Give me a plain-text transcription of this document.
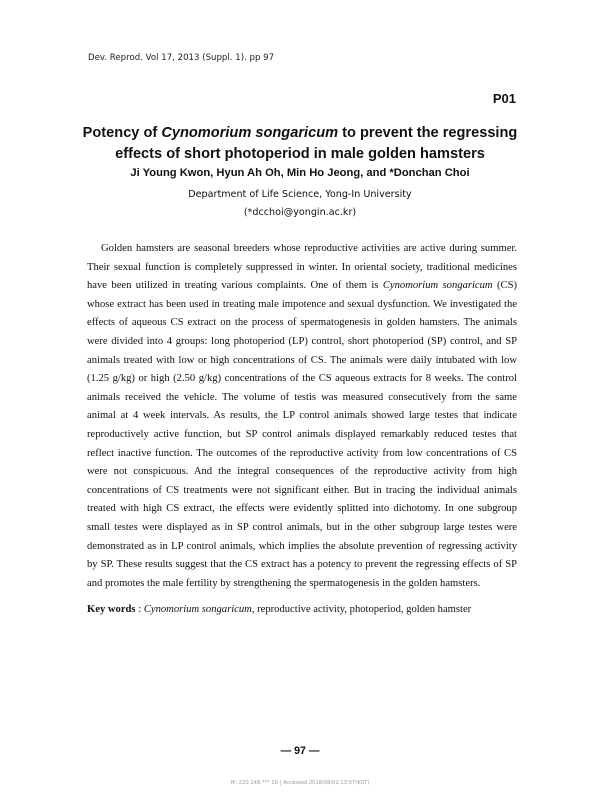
Dev. Reprod. Vol 17, 2013 (Suppl. 1). pp 97
P01
Potency of Cynomorium songaricum to prevent the regressing effects of short photoperiod in male golden hamsters
Ji Young Kwon, Hyun Ah Oh, Min Ho Jeong, and *Donchan Choi
Department of Life Science, Yong-In University
(*dcchoi@yongin.ac.kr)

Golden hamsters are seasonal breeders whose reproductive activities are active during summer. Their sexual function is completely suppressed in winter. In oriental society, traditional medicines have been utilized in treating various complaints. One of them is Cynomorium songaricum (CS) whose extract has been used in treating male impotence and sexual dysfunction. We investigated the effects of aqueous CS extract on the process of spermatogenesis in golden hamsters. The animals were divided into 4 groups: long photoperiod (LP) control, short photoperiod (SP) control, and SP animals treated with low or high concentrations of CS. The animals were daily intubated with low (1.25 g/kg) or high (2.50 g/kg) concentrations of the CS aqueous extracts for 8 weeks. The control animals received the vehicle. The volume of testis was measured consecutively from the same animal at 4 week intervals. As results, the LP control animals showed large testes that indicate reproductively active function, but SP control animals displayed remarkably reduced testes that reflect inactive function. The outcomes of the reproductive activity from low concentrations of CS were not conspicuous. And the integral consequences of the reproductive activity from high concentrations of CS treatments were not significant either. But in tracing the individual animals treated with high CS extract, the effects were evidently splitted into dichotomy. In one subgroup small testes were displayed as in SP control animals, but in the other subgroup large testes were demonstrated as in LP control animals, which implies the absolute prevention of regressing activity by SP. These results suggest that the CS extract has a potency to prevent the regressing effects of SP and promotes the male fertility by strengthening the spermatogenesis in the golden hamsters.

Key words : Cynomorium songaricum, reproductive activity, photoperiod, golden hamster

— 97 —
IP: 220.149.*** 10 | Accessed 2018/08/02 13:07(KST)
